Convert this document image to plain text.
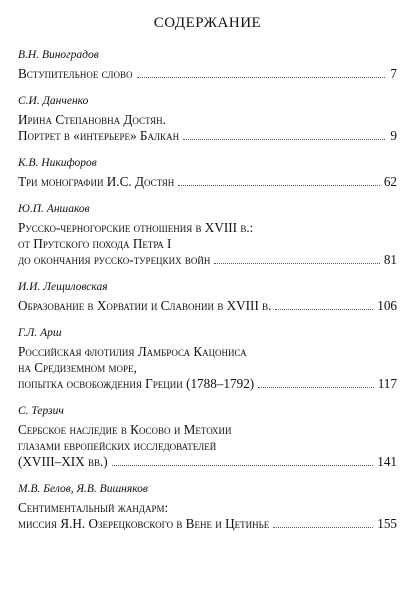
СОДЕРЖАНИЕ
В.Н. Виноградов
Вступительное слово	7
С.И. Данченко
Ирина Степановна Достян.
Портрет в «интерьере» Балкан	9
К.В. Никифоров
Три монографии И.С. Достян	62
Ю.П. Аншаков
Русско-черногорские отношения в XVIII в.:
от Прутского похода Петра I
до окончания русско-турецких войн	81
И.И. Лещиловская
Образование в Хорватии и Славонии в XVIII в.	106
Г.Л. Арш
Российская флотилия Ламброса Кацониса
на Средиземном море,
попытка освобождения Греции (1788–1792)	117
С. Терзич
Сербское наследие в Косово и Метохии
глазами европейских исследователей
(XVIII–XIX вв.)	141
М.В. Белов, Я.В. Вишняков
Сентиментальный жандарм:
миссия Я.Н. Озерецковского в Вене и Цетинье	155
